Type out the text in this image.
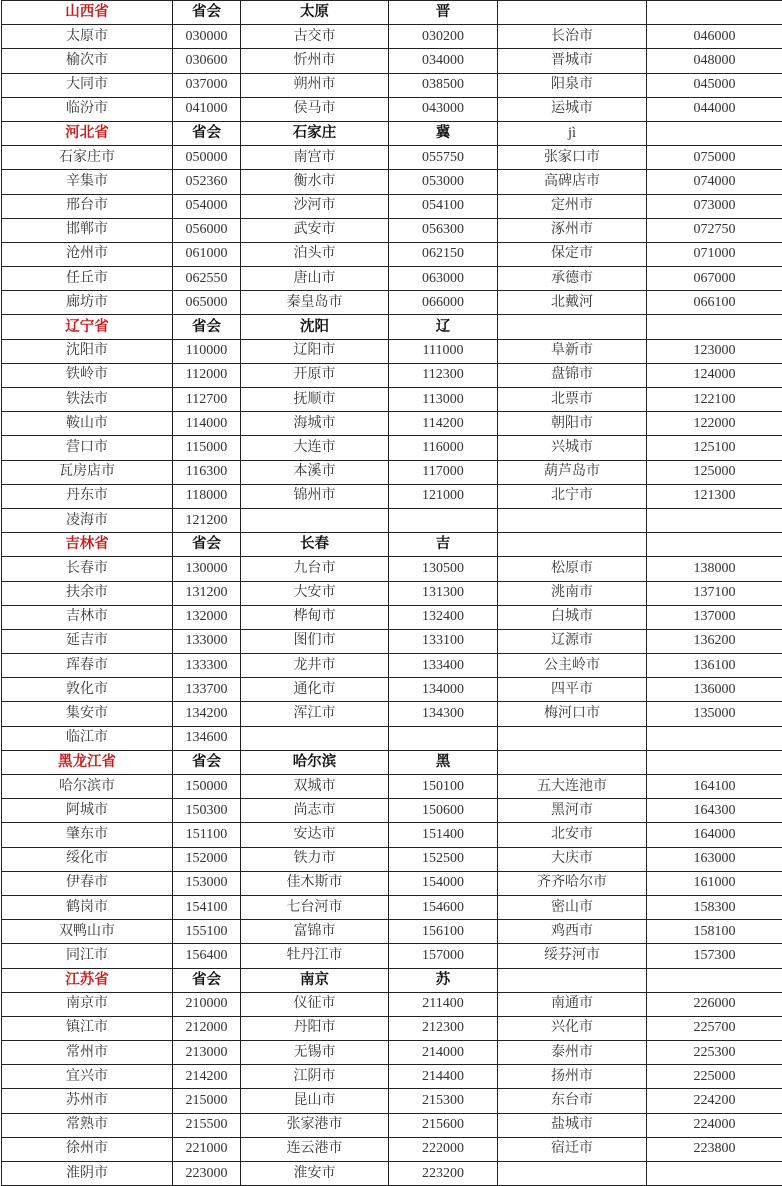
山西省	省会	太原	晋		
太原市	030000	古交市	030200	长治市	046000
榆次市	030600	忻州市	034000	晋城市	048000
大同市	037000	朔州市	038500	阳泉市	045000
临汾市	041000	侯马市	043000	运城市	044000
河北省	省会	石家庄	冀	jì	
石家庄市	050000	南宫市	055750	张家口市	075000
辛集市	052360	衡水市	053000	高碑店市	074000
邢台市	054000	沙河市	054100	定州市	073000
邯郸市	056000	武安市	056300	涿州市	072750
沧州市	061000	泊头市	062150	保定市	071000
任丘市	062550	唐山市	063000	承德市	067000
廊坊市	065000	秦皇岛市	066000	北戴河	066100
辽宁省	省会	沈阳	辽		
沈阳市	110000	辽阳市	111000	阜新市	123000
铁岭市	112000	开原市	112300	盘锦市	124000
铁法市	112700	抚顺市	113000	北票市	122100
鞍山市	114000	海城市	114200	朝阳市	122000
营口市	115000	大连市	116000	兴城市	125100
瓦房店市	116300	本溪市	117000	葫芦岛市	125000
丹东市	118000	锦州市	121000	北宁市	121300
凌海市	121200				
吉林省	省会	长春	吉		
长春市	130000	九台市	130500	松原市	138000
扶余市	131200	大安市	131300	洮南市	137100
吉林市	132000	桦甸市	132400	白城市	137000
延吉市	133000	图们市	133100	辽源市	136200
珲春市	133300	龙井市	133400	公主岭市	136100
敦化市	133700	通化市	134000	四平市	136000
集安市	134200	浑江市	134300	梅河口市	135000
临江市	134600				
黑龙江省	省会	哈尔滨	黑		
哈尔滨市	150000	双城市	150100	五大连池市	164100
阿城市	150300	尚志市	150600	黑河市	164300
肇东市	151100	安达市	151400	北安市	164000
绥化市	152000	铁力市	152500	大庆市	163000
伊春市	153000	佳木斯市	154000	齐齐哈尔市	161000
鹤岗市	154100	七台河市	154600	密山市	158300
双鸭山市	155100	富锦市	156100	鸡西市	158100
同江市	156400	牡丹江市	157000	绥芬河市	157300
江苏省	省会	南京	苏		
南京市	210000	仪征市	211400	南通市	226000
镇江市	212000	丹阳市	212300	兴化市	225700
常州市	213000	无锡市	214000	泰州市	225300
宜兴市	214200	江阴市	214400	扬州市	225000
苏州市	215000	昆山市	215300	东台市	224200
常熟市	215500	张家港市	215600	盐城市	224000
徐州市	221000	连云港市	222000	宿迁市	223800
淮阴市	223000	淮安市	223200		
